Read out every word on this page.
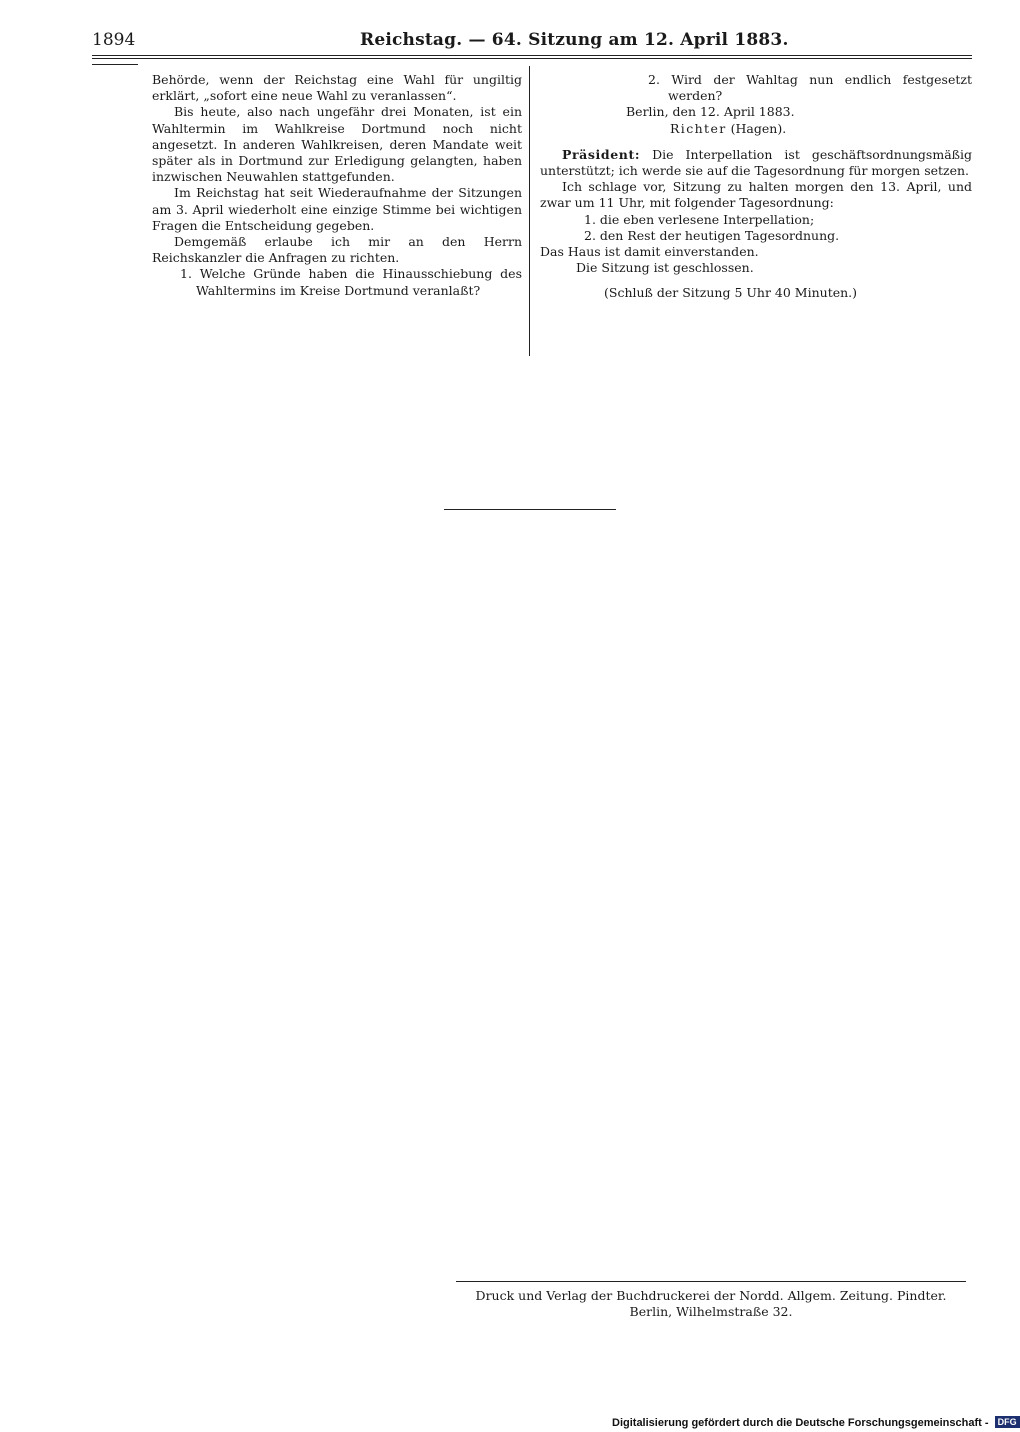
1894	Reichstag. — 64. Sitzung am 12. April 1883.

Behörde, wenn der Reichstag eine Wahl für ungiltig erklärt, „sofort eine neue Wahl zu veranlassen“.

Bis heute, also nach ungefähr drei Monaten, ist ein Wahltermin im Wahlkreise Dortmund noch nicht angesetzt. In anderen Wahlkreisen, deren Mandate weit später als in Dortmund zur Erledigung gelangten, haben inzwischen Neuwahlen stattgefunden.

Im Reichstag hat seit Wiederaufnahme der Sitzungen am 3. April wiederholt eine einzige Stimme bei wichtigen Fragen die Entscheidung gegeben.

Demgemäß erlaube ich mir an den Herrn Reichskanzler die Anfragen zu richten.

1. Welche Gründe haben die Hinausschiebung des Wahltermins im Kreise Dortmund veranlaßt?

2. Wird der Wahltag nun endlich festgesetzt werden?

Berlin, den 12. April 1883.

Richter (Hagen).

Präsident: Die Interpellation ist geschäftsordnungsmäßig unterstützt; ich werde sie auf die Tagesordnung für morgen setzen.

Ich schlage vor, Sitzung zu halten morgen den 13. April, und zwar um 11 Uhr, mit folgender Tagesordnung:

1. die eben verlesene Interpellation;

2. den Rest der heutigen Tagesordnung.

Das Haus ist damit einverstanden.

Die Sitzung ist geschlossen.

(Schluß der Sitzung 5 Uhr 40 Minuten.)

Druck und Verlag der Buchdruckerei der Nordd. Allgem. Zeitung. Pindter.
Berlin, Wilhelmstraße 32.
Digitalisierung gefördert durch die Deutsche Forschungsgemeinschaft - DFG
